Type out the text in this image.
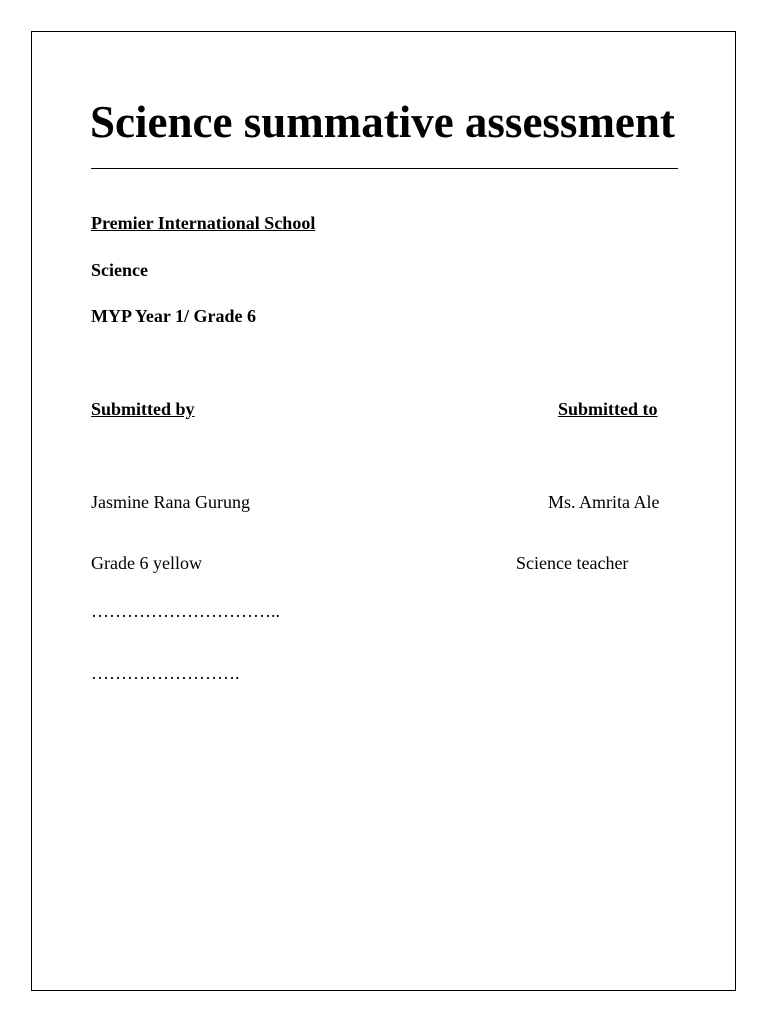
Science summative assessment
Premier International School
Science
MYP Year 1/ Grade 6
Submitted by	Submitted to
Jasmine Rana Gurung	Ms. Amrita Ale
Grade 6 yellow	Science teacher
…………………………..
…………………….
